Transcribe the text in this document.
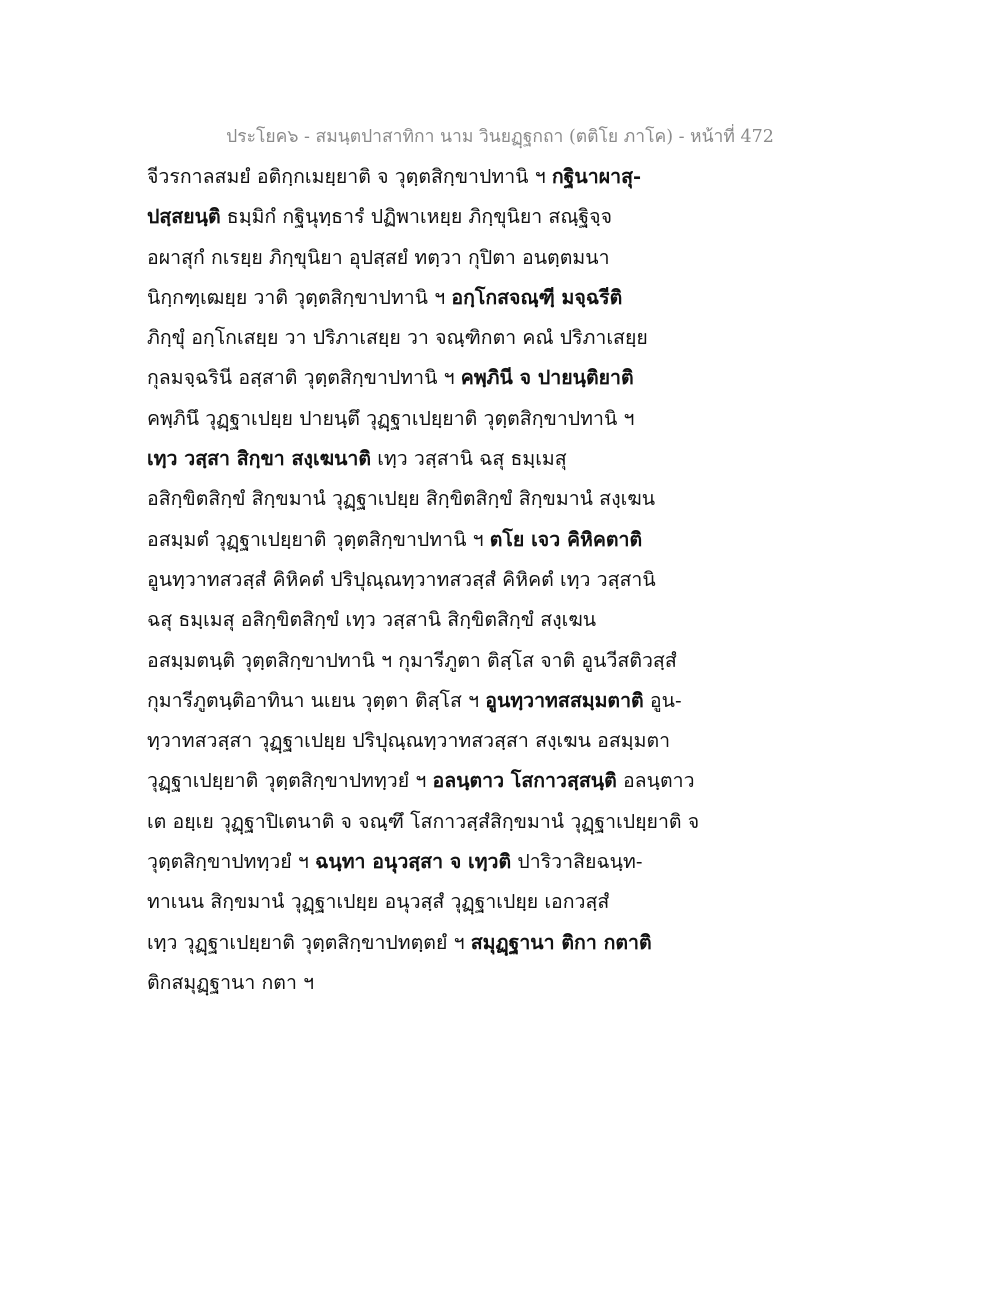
ประโยค๖ - สมนฺตปาสาทิกา นาม วินยฏฺฐกถา (ตติโย ภาโค) - หน้าที่ 472
จีวรกาลสมยํ อติกฺกเมยฺยาติ จ วุตฺตสิกฺขาปทานิ ฯ กฐินาผาสุ-
ปสฺสยนฺติ ธมฺมิกํ กฐินุทฺธารํ ปฏิพาเหยฺย ภิกฺขุนิยา สณฺฐิจฺจ
อผาสุกํ กเรยฺย ภิกฺขุนิยา อุปสฺสยํ ทตฺวา กุปิตา อนตฺตมนา
นิกฺกฑฺเฒยฺย วาติ วุตฺตสิกฺขาปทานิ ฯ อกฺโกสจณฺฑีฺ มจฺฉรีติ
ภิกฺขุํ อกฺโกเสยฺย วา ปริภาเสยฺย วา จณฺฑิกตา คณํ ปริภาเสยฺย
กุลมจฺฉรินี อสฺสาติ วุตฺตสิกฺขาปทานิ ฯ คพฺภินี จ ปายนฺติยาติ
คพฺภินึ วุฏฺฐาเปยฺย ปายนฺตึ วุฏฺฐาเปยฺยาติ วุตฺตสิกฺขาปทานิ ฯ
เทฺว วสฺสา สิกฺขา สงฺเฆนาติ เทฺว วสฺสานิ ฉสุ ธมฺเมสุ
อสิกฺขิตสิกฺขํ สิกฺขมานํ วุฏฺฐาเปยฺย สิกฺขิตสิกฺขํ สิกฺขมานํ สงฺเฆน
อสมฺมตํ วุฏฺฐาเปยฺยาติ วุตฺตสิกฺขาปทานิ ฯ ตโย เจว คิหิคตาติ
อูนทฺวาทสวสฺสํ คิหิคตํ ปริปุณฺณทฺวาทสวสฺสํ คิหิคตํ เทฺว วสฺสานิ
ฉสุ ธมฺเมสุ อสิกฺขิตสิกฺขํ เทฺว วสฺสานิ สิกฺขิตสิกฺขํ สงฺเฆน
อสมฺมตนฺติ วุตฺตสิกฺขาปทานิ ฯ กุมารีภูตา ติสฺโส จาติ อูนวีสติวสฺสํ
กุมารีภูตนฺติอาทินา นเยน วุตฺตา ติสฺโส ฯ อูนทฺวาทสสมฺมตาติ อูน-
ทฺวาทสวสฺสา วุฏฺฐาเปยฺย ปริปุณฺณทฺวาทสวสฺสา สงฺเฆน อสมฺมตา
วุฏฺฐาเปยฺยาติ วุตฺตสิกฺขาปททฺวยํ ฯ อลนฺตาว โสกาวสฺสนฺติ อลนฺตาว
เต อยฺเย วุฏฺฐาปิเตนาติ จ จณฺฑึ โสกาวสฺสํสิกฺขมานํ วุฏฺฐาเปยฺยาติ จ
วุตฺตสิกฺขาปททฺวยํ ฯ ฉนฺทา อนุวสฺสา จ เทฺวติ ปาริวาสิยฉนฺท-
ทาเนน สิกฺขมานํ วุฏฺฐาเปยฺย อนุวสฺสํ วุฏฺฐาเปยฺย เอกวสฺสํ
เทฺว วุฏฺฐาเปยฺยาติ วุตฺตสิกฺขาปทตฺตยํ ฯ สมุฏฺฐานา ติกา กตาติ
ติกสมุฏฺฐานา กตา ฯ
